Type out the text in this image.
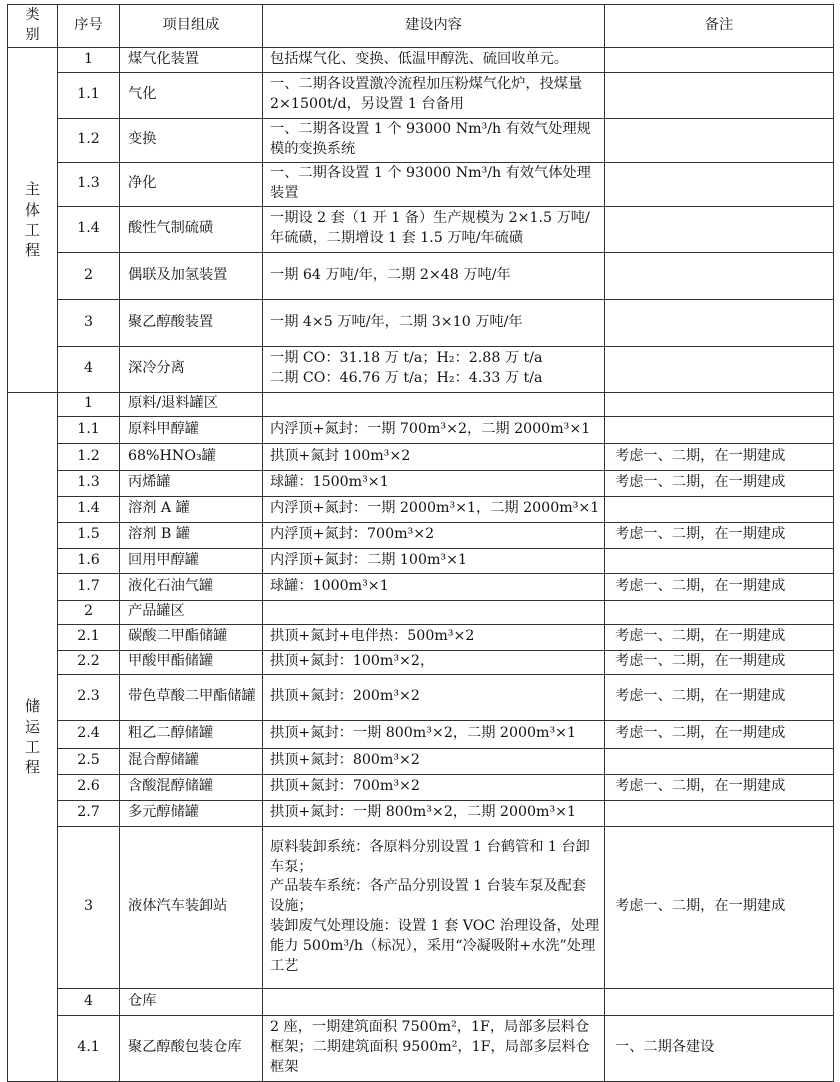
类别	序号	项目组成	建设内容	备注
主体工程	1	煤气化装置	包括煤气化、变换、低温甲醇洗、硫回收单元。	
	1.1	气化	一、二期各设置激冷流程加压粉煤气化炉，投煤量 2×1500t/d，另设置 1 台备用	
	1.2	变换	一、二期各设置 1 个 93000 Nm³/h 有效气处理规模的变换系统	
	1.3	净化	一、二期各设置 1 个 93000 Nm³/h 有效气体处理装置	
	1.4	酸性气制硫磺	一期设 2 套（1 开 1 备）生产规模为 2×1.5 万吨/年硫磺，二期增设 1 套 1.5 万吨/年硫磺	
	2	偶联及加氢装置	一期 64 万吨/年，二期 2×48 万吨/年	
	3	聚乙醇酸装置	一期 4×5 万吨/年，二期 3×10 万吨/年	
	4	深冷分离	一期 CO：31.18 万 t/a；H₂：2.88 万 t/a
二期 CO：46.76 万 t/a；H₂：4.33 万 t/a	

储运工程	1	原料/退料罐区		
	1.1	原料甲醇罐	内浮顶+氮封：一期 700m³×2，二期 2000m³×1	
	1.2	68%HNO₃罐	拱顶+氮封 100m³×2	考虑一、二期，在一期建成
	1.3	丙烯罐	球罐：1500m³×1	考虑一、二期，在一期建成
	1.4	溶剂 A 罐	内浮顶+氮封：一期 2000m³×1，二期 2000m³×1	
	1.5	溶剂 B 罐	内浮顶+氮封：700m³×2	考虑一、二期，在一期建成
	1.6	回用甲醇罐	内浮顶+氮封：二期 100m³×1	
	1.7	液化石油气罐	球罐：1000m³×1	考虑一、二期，在一期建成
	2	产品罐区		
	2.1	碳酸二甲酯储罐	拱顶+氮封+电伴热：500m³×2	考虑一、二期，在一期建成
	2.2	甲酸甲酯储罐	拱顶+氮封：100m³×2，	考虑一、二期，在一期建成
	2.3	带色草酸二甲酯储罐	拱顶+氮封：200m³×2	考虑一、二期，在一期建成
	2.4	粗乙二醇储罐	拱顶+氮封：一期 800m³×2，二期 2000m³×1	考虑一、二期，在一期建成
	2.5	混合醇储罐	拱顶+氮封：800m³×2	
	2.6	含酸混醇储罐	拱顶+氮封：700m³×2	考虑一、二期，在一期建成
	2.7	多元醇储罐	拱顶+氮封：一期 800m³×2，二期 2000m³×1	
	3	液体汽车装卸站	原料装卸系统：各原料分别设置 1 台鹤管和 1 台卸车泵；
产品装车系统：各产品分别设置 1 台装车泵及配套设施；
装卸废气处理设施：设置 1 套 VOC 治理设备，处理能力 500m³/h（标况），采用“冷凝吸附+水洗”处理工艺	考虑一、二期，在一期建成
	4	仓库		
	4.1	聚乙醇酸包装仓库	2 座，一期建筑面积 7500m²，1F，局部多层料仓框架；二期建筑面积 9500m²，1F，局部多层料仓框架	一、二期各建设
